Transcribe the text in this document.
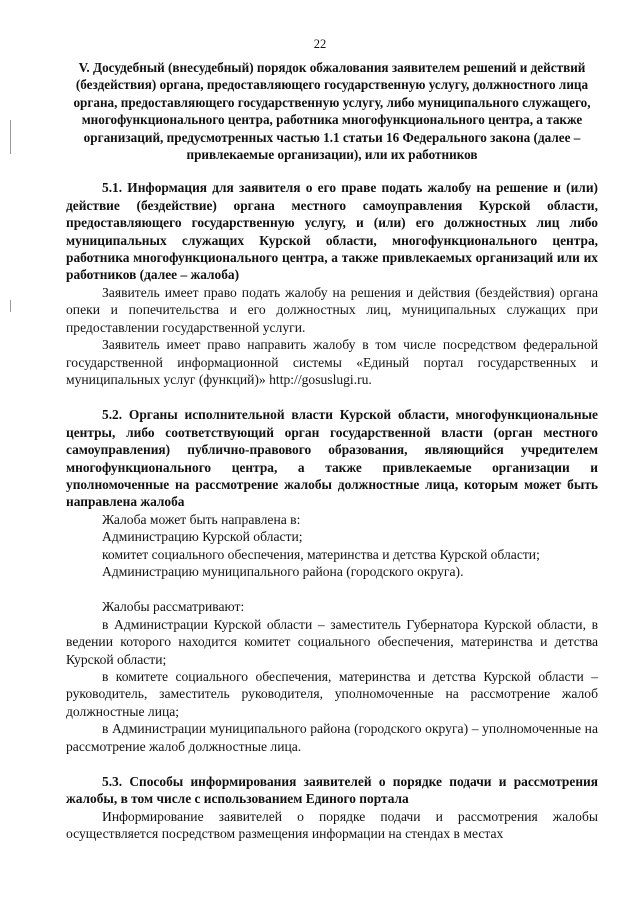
22

V. Досудебный (внесудебный) порядок обжалования заявителем решений и действий (бездействия) органа, предоставляющего государственную услугу, должностного лица органа, предоставляющего государственную услугу, либо муниципального служащего, многофункционального центра, работника многофункционального центра, а также организаций, предусмотренных частью 1.1 статьи 16 Федерального закона (далее – привлекаемые организации), или их работников

5.1. Информация для заявителя о его праве подать жалобу на решение и (или) действие (бездействие) органа местного самоуправления Курской области, предоставляющего государственную услугу, и (или) его должностных лиц либо муниципальных служащих Курской области, многофункционального центра, работника многофункционального центра, а также привлекаемых организаций или их работников (далее – жалоба)

Заявитель имеет право подать жалобу на решения и действия (бездействия) органа опеки и попечительства и его должностных лиц, муниципальных служащих при предоставлении государственной услуги.

Заявитель имеет право направить жалобу в том числе посредством федеральной государственной информационной системы «Единый портал государственных и муниципальных услуг (функций)» http://gosuslugi.ru.

5.2. Органы исполнительной власти Курской области, многофункциональные центры, либо соответствующий орган государственной власти (орган местного самоуправления) публично-правового образования, являющийся учредителем многофункционального центра, а также привлекаемые организации и уполномоченные на рассмотрение жалобы должностные лица, которым может быть направлена жалоба

Жалоба может быть направлена в:

Администрацию Курской области;

комитет социального обеспечения, материнства и детства Курской области;

Администрацию муниципального района (городского округа).

Жалобы рассматривают:

в Администрации Курской области – заместитель Губернатора Курской области, в ведении которого находится комитет социального обеспечения, материнства и детства Курской области;

в комитете социального обеспечения, материнства и детства Курской области – руководитель, заместитель руководителя, уполномоченные на рассмотрение жалоб должностные лица;

в Администрации муниципального района (городского округа) – уполномоченные на рассмотрение жалоб должностные лица.

5.3. Способы информирования заявителей о порядке подачи и рассмотрения жалобы, в том числе с использованием Единого портала

Информирование заявителей о порядке подачи и рассмотрения жалобы осуществляется посредством размещения информации на стендах в местах
